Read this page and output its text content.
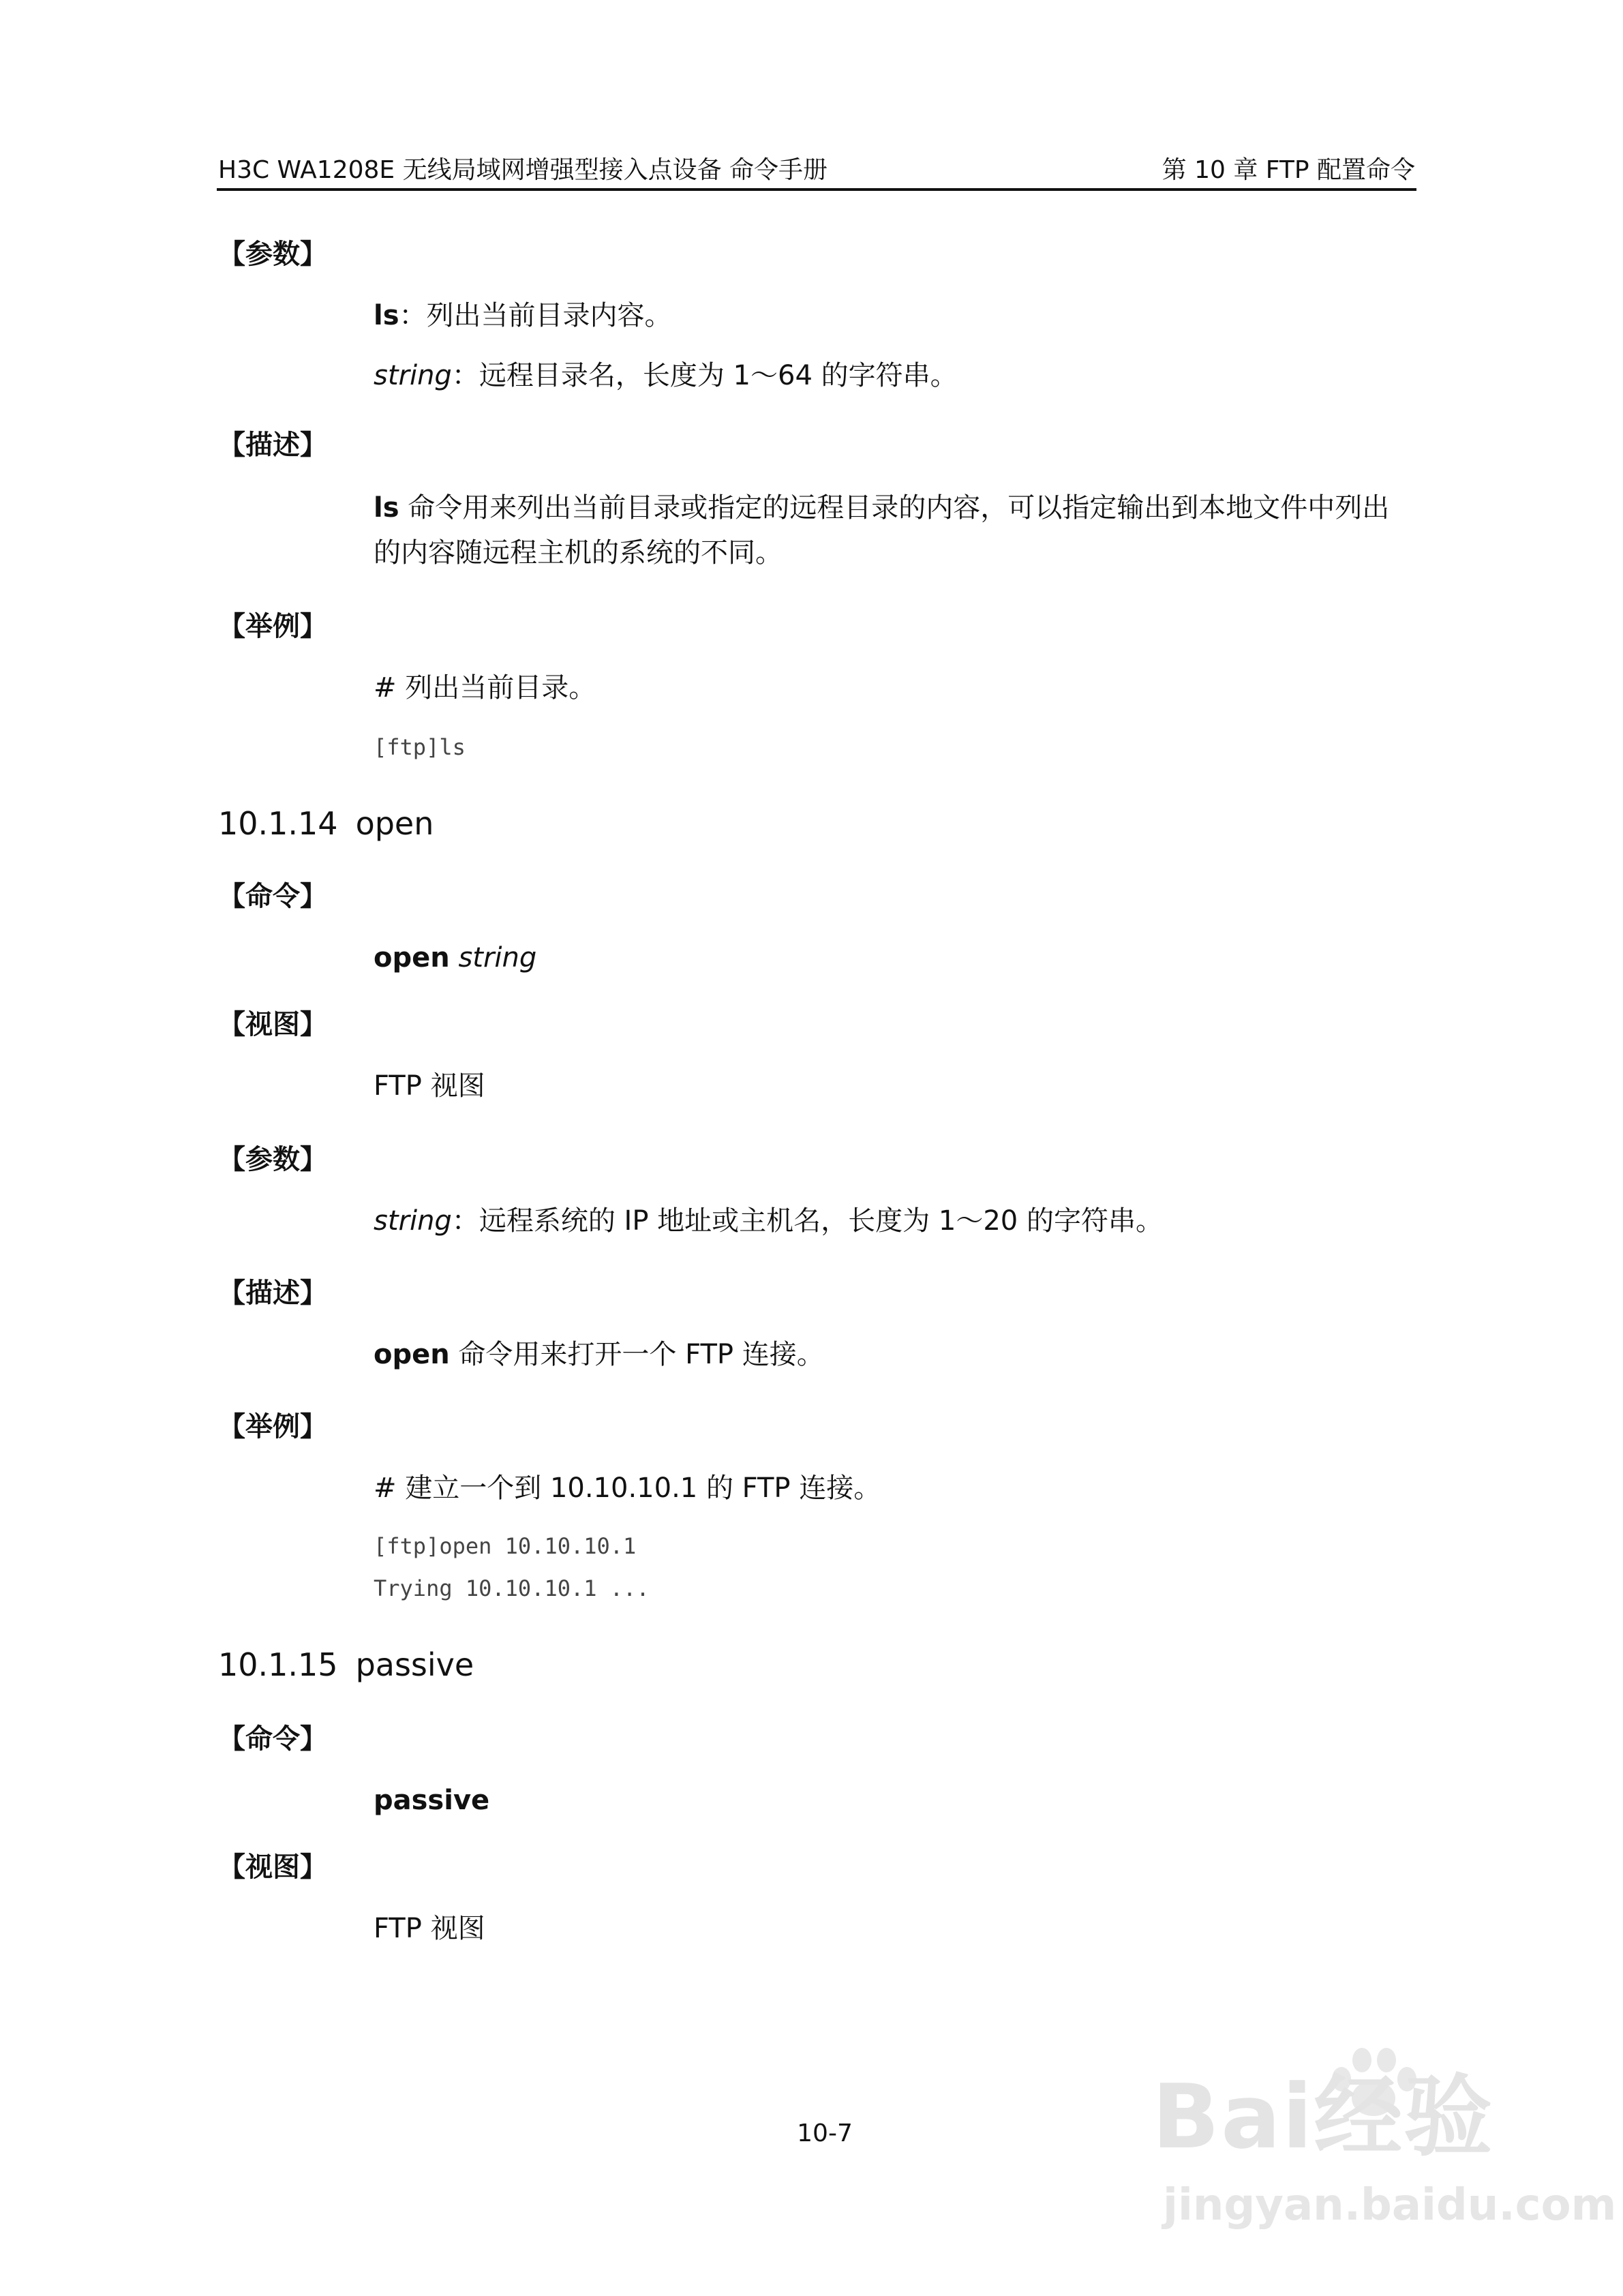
H3C WA1208E 无线局域网增强型接入点设备 命令手册	第 10 章 FTP 配置命令
【参数】
ls：列出当前目录内容。
string：远程目录名，长度为 1～64 的字符串。
【描述】
ls 命令用来列出当前目录或指定的远程目录的内容，可以指定输出到本地文件中列出的内容随远程主机的系统的不同。
【举例】
# 列出当前目录。
[ftp]ls
10.1.14 open
【命令】
open string
【视图】
FTP 视图
【参数】
string：远程系统的 IP 地址或主机名，长度为 1～20 的字符串。
【描述】
open 命令用来打开一个 FTP 连接。
【举例】
# 建立一个到 10.10.10.1 的 FTP 连接。
[ftp]open 10.10.10.1
Trying 10.10.10.1 ...
10.1.15 passive
【命令】
passive
【视图】
FTP 视图
10-7	Bai经验
jingyan.baidu.com
